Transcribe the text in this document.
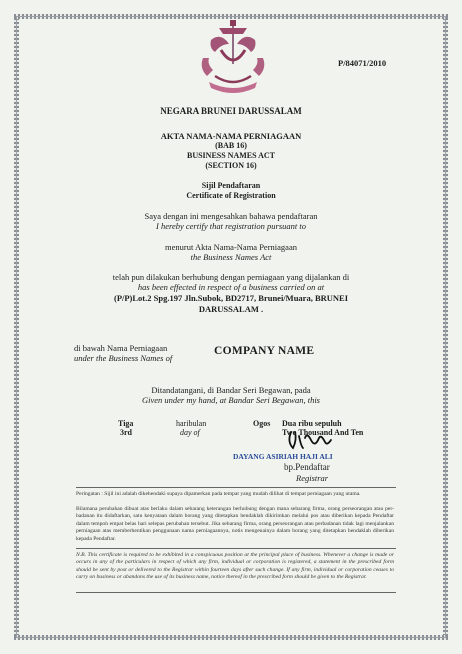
P/84071/2010
NEGARA BRUNEI DARUSSALAM
AKTA NAMA-NAMA PERNIAGAAN
(BAB 16)
BUSINESS NAMES ACT
(SECTION 16)
Sijil Pendaftaran
Certificate of Registration
Saya dengan ini mengesahkan bahawa pendaftaran
I hereby certify that registration pursuant to
menurut Akta Nama-Nama Perniagaan
the Business Names Act
telah pun dilakukan berhubung dengan perniagaan yang dijalankan di
has been effected in respect of a business carried on at
(P/P)Lot.2 Spg.197 Jln.Subok, BD2717, Brunei/Muara, BRUNEI
DARUSSALAM .
di bawah Nama Perniagaan
under the Business Names of
COMPANY NAME
Ditandatangani, di Bandar Seri Begawan, pada
Given under my hand, at Bandar Seri Begawan, this
Tiga
3rd
haribulan
day of
Ogos Dua ribu sepuluh
Two Thousand And Ten
DAYANG ASIRIAH HAJI ALI
bp.Pendaftar
Registrar
Peringatan : Sijil ini adalah dikehendaki supaya dipamerkan pada tempat yang mudah dilihat di tempat perniagaan yang utama.
Bilamana perubahan dibuat atas berlaku dalam sebarang keterangan berhubung dengan mana sebarang firma, orang perseorangan atau per- badanan itu didaftarkan, satu kenyataan dalam borang yang ditetapkan hendaklah dikirimkan melalui pos atau diberikan kepada Pendaftar dalam tempoh empat belas hari selepas perubahan tersebut. Jika sebarang firma, orang perseorangan atau perbadanan tidak lagi menjalankan perniagaan atas memberhentikan penggunaan nama perniagaannya, notis mengenainya dalam borang yang ditetapkan hendaklah diberikan kepada Pendaftar.
N.B. This certificate is required to be exhibited in a conspicuous position at the principal place of business. Whenever a change is made or occurs in any of the particulars in respect of which any firm, individual or corporation is registered, a statement in the prescribed form should be sent by post or delivered to the Registrar within fourteen days after such change. If any firm, individual or corporation ceases to carry on business or abandons the use of its business name, notice thereof in the prescribed form should be given to the Registrar.
